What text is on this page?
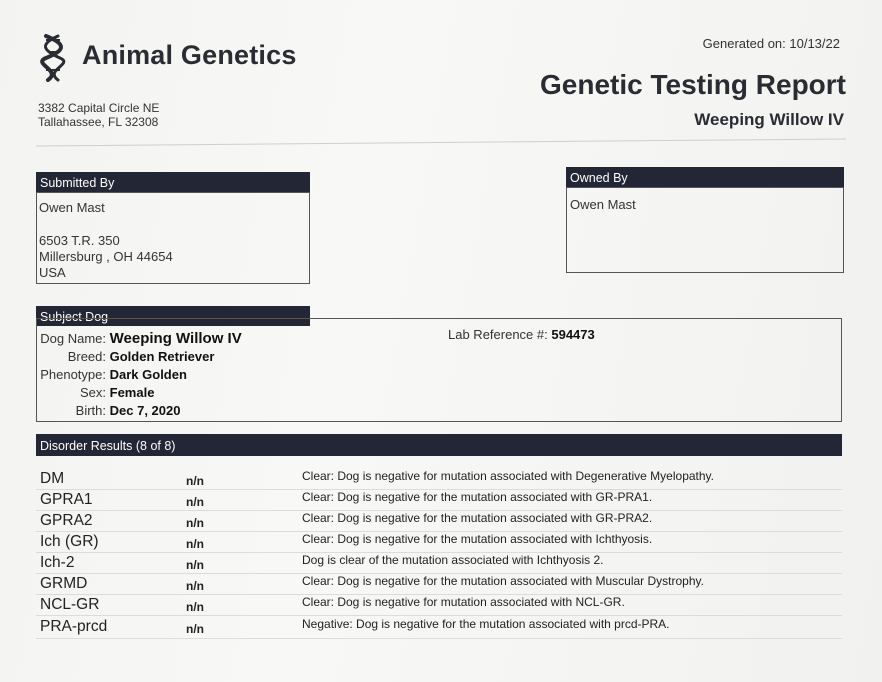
Animal Genetics
3382 Capital Circle NE
Tallahassee, FL 32308
Generated on: 10/13/22
Genetic Testing Report
Weeping Willow IV
Submitted By
Owen Mast
6503 T.R. 350
Millersburg , OH 44654
USA
Owned By
Owen Mast
Subject Dog
Dog Name: Weeping Willow IV
Breed: Golden Retriever
Phenotype: Dark Golden
Sex: Female
Birth: Dec 7, 2020
Lab Reference #: 594473
Disorder Results (8 of 8)
DM	n/n	Clear: Dog is negative for mutation associated with Degenerative Myelopathy.
GPRA1	n/n	Clear: Dog is negative for the mutation associated with GR-PRA1.
GPRA2	n/n	Clear: Dog is negative for the mutation associated with GR-PRA2.
Ich (GR)	n/n	Clear: Dog is negative for the mutation associated with Ichthyosis.
Ich-2	n/n	Dog is clear of the mutation associated with Ichthyosis 2.
GRMD	n/n	Clear: Dog is negative for the mutation associated with Muscular Dystrophy.
NCL-GR	n/n	Clear: Dog is negative for mutation associated with NCL-GR.
PRA-prcd	n/n	Negative: Dog is negative for the mutation associated with prcd-PRA.
